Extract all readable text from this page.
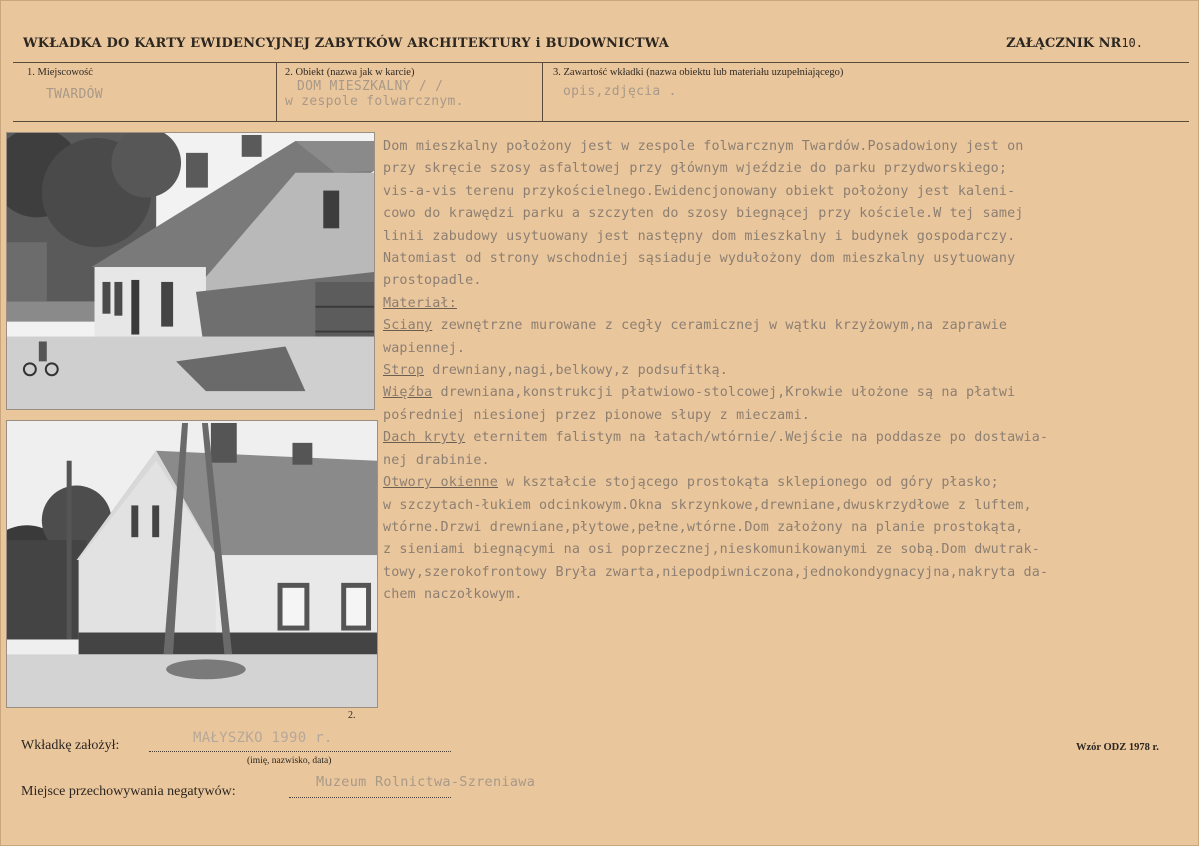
WKŁADKA DO KARTY EWIDENCYJNEJ ZABYTKÓW ARCHITEKTURY i BUDOWNICTWA	ZAŁĄCZNIK NR10.
1. Miejscowość
TWARDÓW
2. Obiekt (nazwa jak w karcie)
DOM MIESZKALNY / /
w zespole folwarcznym.
3. Zawartość wkładki (nazwa obiektu lub materiału uzupełniającego)
opis,zdjęcia .
2.

Dom mieszkalny położony jest w zespole folwarcznym Twardów.Posadowiony jest on

przy skręcie szosy asfaltowej przy głównym wjeździe do parku przydworskiego;

vis-a-vis terenu przykościelnego.Ewidencjonowany obiekt położony jest kaleni-

cowo do krawędzi parku a szczyten do szosy biegnącej przy kościele.W tej samej

linii zabudowy usytuowany jest następny dom mieszkalny i budynek gospodarczy.

Natomiast od strony wschodniej sąsiaduje wydułożony dom mieszkalny usytuowany

prostopadle.

Materiał:

Sciany zewnętrzne murowane z cegły ceramicznej w wątku krzyżowym,na zaprawie

wapiennej.

Strop drewniany,nagi,belkowy,z podsufitką.

Więźba drewniana,konstrukcji płatwiowo-stolcowej,Krokwie ułożone są na płatwi

pośredniej niesionej przez pionowe słupy z mieczami.

Dach kryty eternitem falistym na łatach/wtórnie/.Wejście na poddasze po dostawia-

nej drabinie.

Otwory okienne w kształcie stojącego prostokąta sklepionego od góry płasko;

w szczytach-łukiem odcinkowym.Okna skrzynkowe,drewniane,dwuskrzydłowe z luftem,

wtórne.Drzwi drewniane,płytowe,pełne,wtórne.Dom założony na planie prostokąta,

z sieniami biegnącymi na osi poprzecznej,nieskomunikowanymi ze sobą.Dom dwutrak-

towy,szerokofrontowy Bryła zwarta,niepodpiwniczona,jednokondygnacyjna,nakryta da-

chem naczołkowym.

Wkładkę założył:	MAŁYSZKO 1990 r.
(imię, nazwisko, data)
Miejsce przechowywania negatywów:
Muzeum Rolnictwa-Szreniawa
Wzór ODZ 1978 r.
